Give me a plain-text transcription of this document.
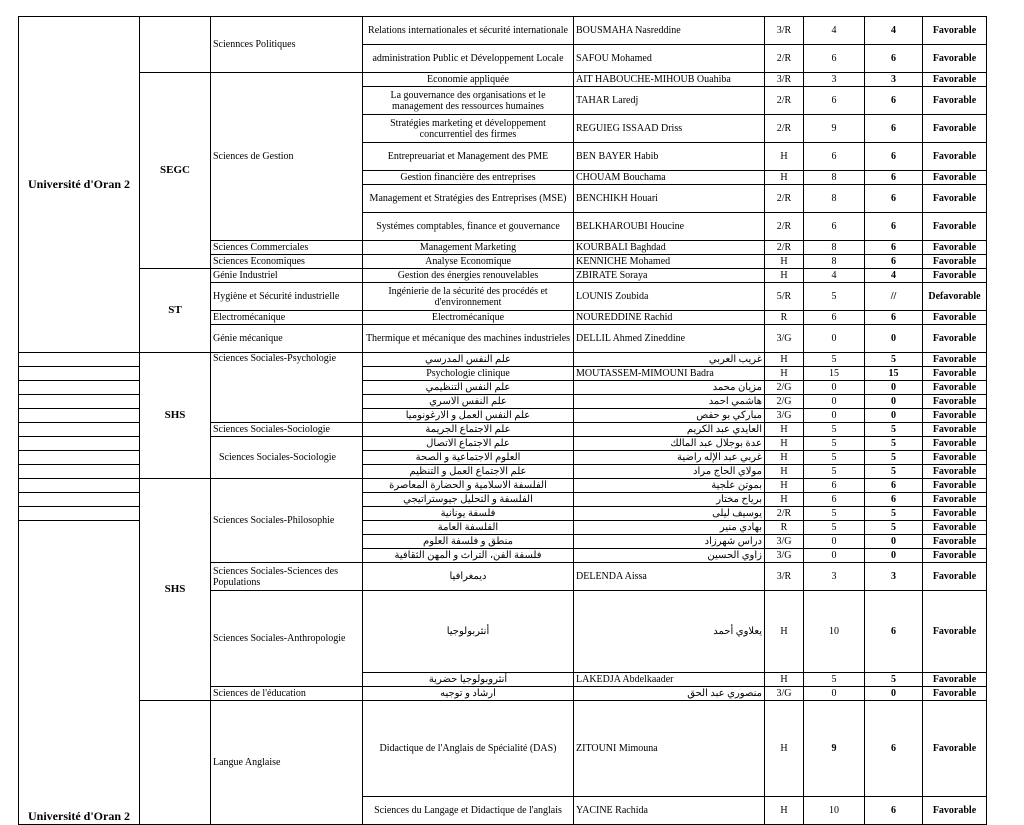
Université d'Oran 2		Sciennces Politiques	Relations internationales et sécurité internationale	BOUSMAHA Nasreddine	3/R	4	4	Favorable
			administration Public et Développement Locale	SAFOU Mohamed	2/R	6	6	Favorable
	SEGC	Sciences de Gestion	Economie appliquée	AIT HABOUCHE-MIHOUB Ouahiba	3/R	3	3	Favorable
			La gouvernance des organisations et le management des ressources humaines	TAHAR Laredj	2/R	6	6	Favorable
			Stratégies marketing et développement concurrentiel des firmes	REGUIEG ISSAAD Driss	2/R	9	6	Favorable
			Entrepreuariat et Management des PME	BEN BAYER Habib	H	6	6	Favorable
			Gestion financière des entreprises	CHOUAM Bouchama	H	8	6	Favorable
			Management et Stratégies des Entreprises (MSE)	BENCHIKH Houari	2/R	8	6	Favorable
			Systémes comptables, finance et gouvernance	BELKHAROUBI Houcine	2/R	6	6	Favorable
		Sciences Commerciales	Management Marketing	KOURBALI Baghdad	2/R	8	6	Favorable
		Sciences Economiques	Analyse Economique	KENNICHE Mohamed	H	8	6	Favorable
	ST	Génie Industriel	Gestion des énergies renouvelables	ZBIRATE Soraya	H	4	4	Favorable
		Hygiène et Sécurité industrielle	Ingénierie de la sécurité des procédés et d'environnement	LOUNIS Zoubida	5/R	5	//	Defavorable
		Electromécanique	Electromécanique	NOUREDDINE Rachid	R	6	6	Favorable
		Génie mécanique	Thermique et mécanique des machines industrieles	DELLIL Ahmed Zineddine	3/G	0	0	Favorable
	SHS	Sciences Sociales-Psychologie	علم النفس المدرسي	غريب العربي	H	5	5	Favorable
			Psychologie clinique	MOUTASSEM-MIMOUNI Badra	H	15	15	Favorable
			علم النفس التنظيمي	مزيان محمد	2/G	0	0	Favorable
			علم النفس الاسري	هاشمي احمد	2/G	0	0	Favorable
			علم النفس العمل و الارغونوميا	مباركي بو حفص	3/G	0	0	Favorable
		Sciences Sociales-Sociologie	علم الاجتماع الجريمة	العايدي عبد الكريم	H	5	5	Favorable
		Sciences Sociales-Sociologie	علم الاجتماع الاتصال	عدة بوجلال عبد المالك	H	5	5	Favorable
			العلوم الاجتماعية و الصحة	غربي عبد الإله راضية	H	5	5	Favorable
			علم الاجتماع العمل و التنظيم	مولاي الحاج مراد	H	5	5	Favorable
	SHS	Sciences Sociales-Philosophie	الفلسفة الاسلامية و الحضارة المعاصرة	بموتن علجية	H	6	6	Favorable
			الفلسفة و التحليل جيوستراتيجي	برياح مختار	H	6	6	Favorable
			فلسفة يونانية	يوسيف ليلى	2/R	5	5	Favorable
Université d'Oran 2			الفلسفة العامة	بهادي منير	R	5	5	Favorable
			منطق و فلسفة العلوم	دراس شهرزاد	3/G	0	0	Favorable
			فلسفة الفن، التراث و المهن الثقافية	زاوي الحسين	3/G	0	0	Favorable
		Sciences Sociales-Sciences des Populations	ديمغرافيا	DELENDA Aissa	3/R	3	3	Favorable
		Sciences Sociales-Anthropologie	أنثربولوجيا	يعلاوي أحمد	H	10	6	Favorable
			أنثروبولوجيا حضرية	LAKEDJA Abdelkaader	H	5	5	Favorable
		Sciences de l'éducation	ارشاد و توجيه	منصوري عبد الحق	3/G	0	0	Favorable
		Langue Anglaise	Didactique de l'Anglais de Spécialité (DAS)	ZITOUNI Mimouna	H	9	6	Favorable
			Sciences du Langage et Didactique de l'anglais	YACINE Rachida	H	10	6	Favorable
